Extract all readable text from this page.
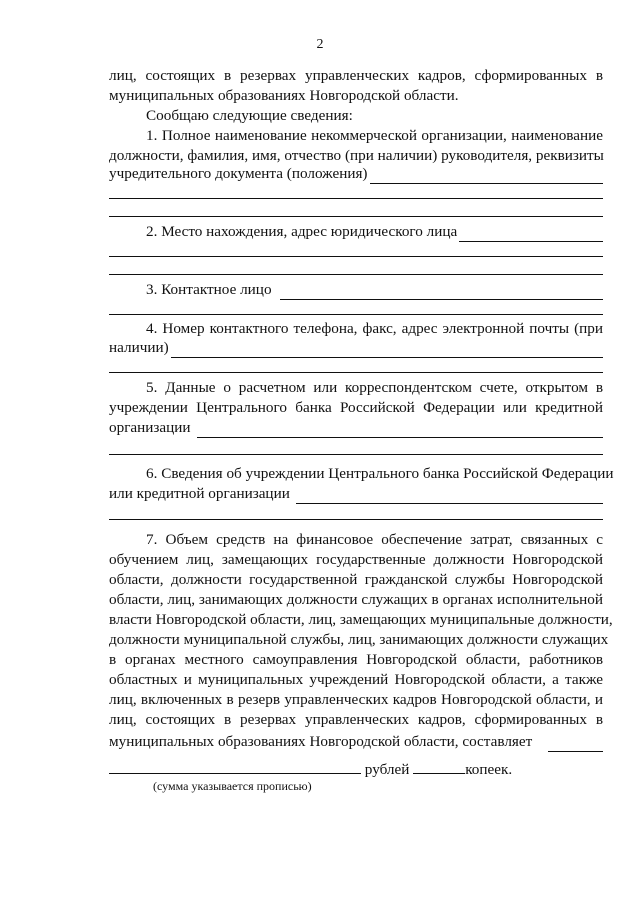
2
лиц, состоящих в резервах управленческих кадров, сформированных в
муниципальных образованиях Новгородской области.
Сообщаю следующие сведения:
1. Полное наименование некоммерческой организации, наименование
должности, фамилия, имя, отчество (при наличии) руководителя, реквизиты
учредительного документа (положения)
2. Место нахождения, адрес юридического лица
3. Контактное лицо
4. Номер контактного телефона, факс, адрес электронной почты (при
наличии)
5. Данные о расчетном или корреспондентском счете, открытом в
учреждении Центрального банка Российской Федерации или кредитной
организации
6. Сведения об учреждении Центрального банка Российской Федерации
или кредитной организации
7. Объем средств на финансовое обеспечение затрат, связанных с
обучением лиц, замещающих государственные должности Новгородской
области, должности государственной гражданской службы Новгородской
области, лиц, занимающих должности служащих в органах исполнительной
власти Новгородской области, лиц, замещающих муниципальные должности,
должности муниципальной службы, лиц, занимающих должности служащих
в органах местного самоуправления Новгородской области, работников
областных и муниципальных учреждений Новгородской области, а также
лиц, включенных в резерв управленческих кадров Новгородской области, и
лиц, состоящих в резервах управленческих кадров, сформированных в
муниципальных образованиях Новгородской области, составляет
рублей	копеек.
(сумма указывается прописью)
